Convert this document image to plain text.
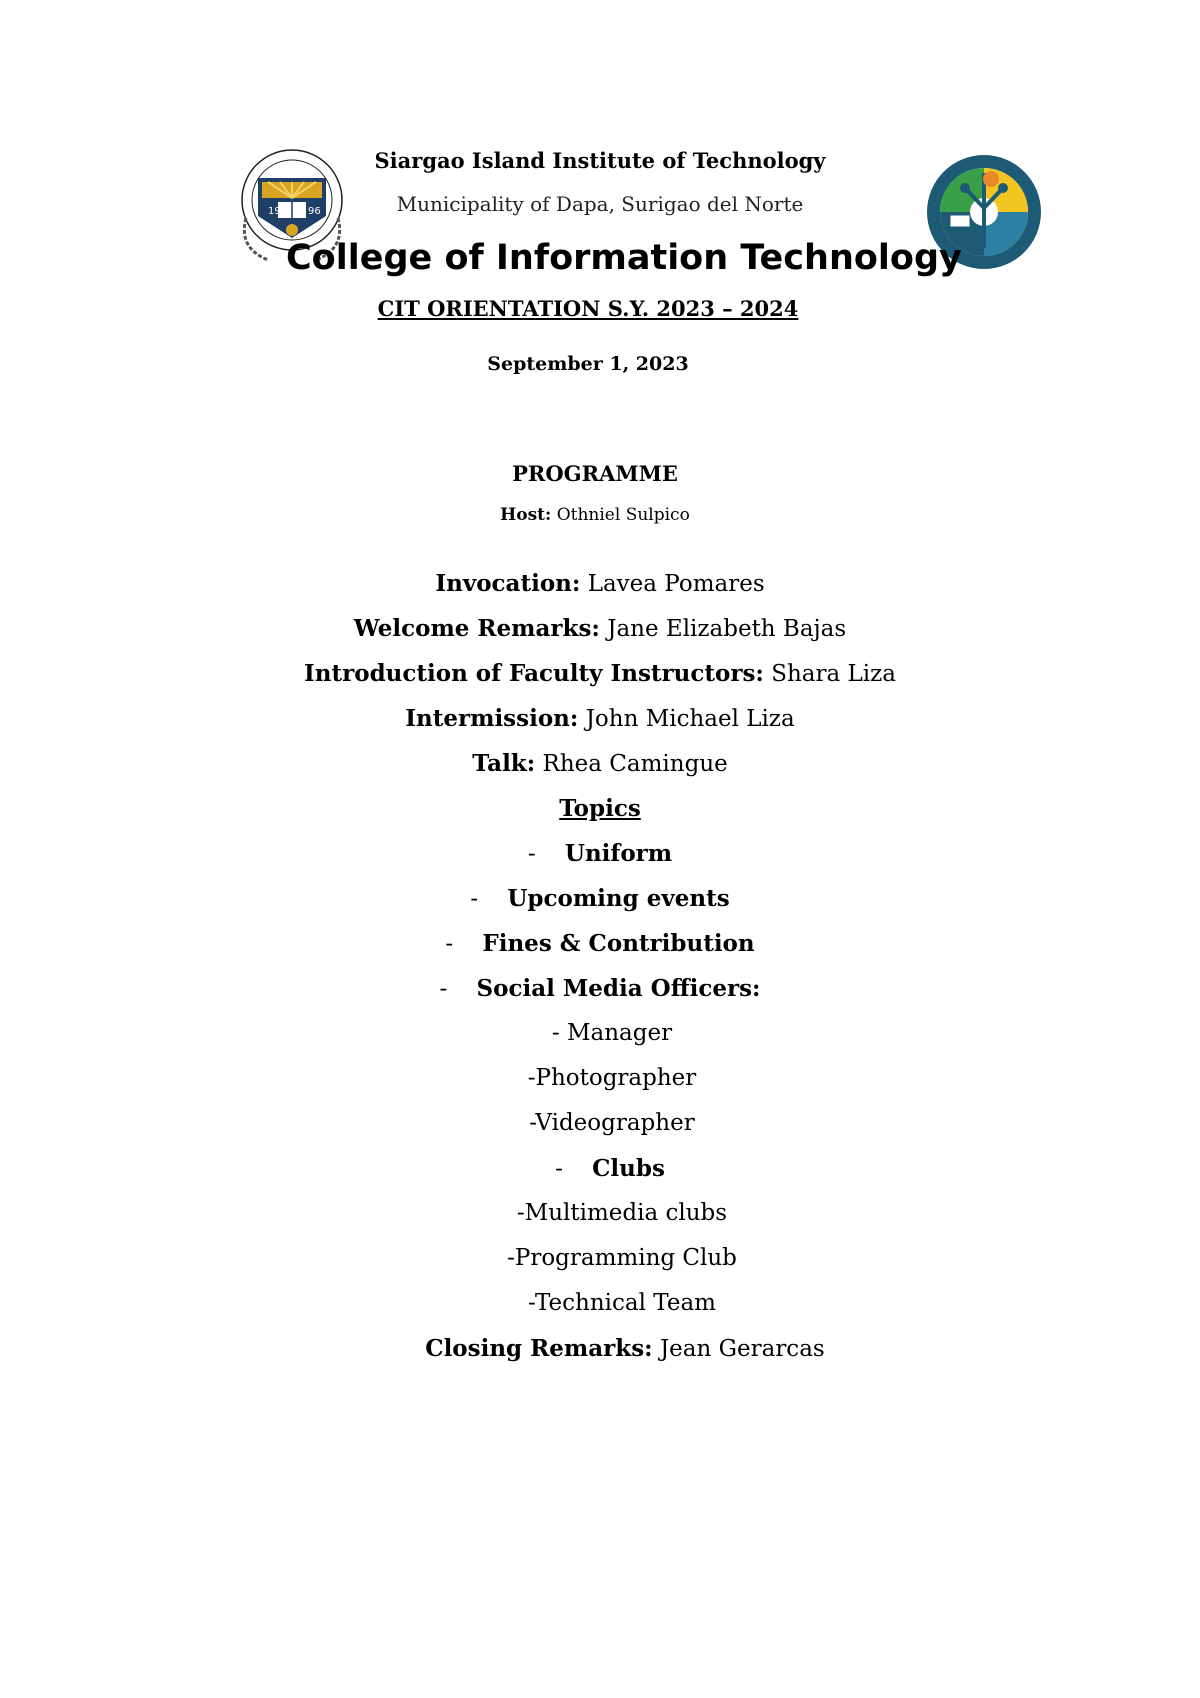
19	96
Siargao Island Institute of Technology
Municipality of Dapa, Surigao del Norte
College of Information Technology
CIT ORIENTATION S.Y. 2023 – 2024
September 1, 2023
PROGRAMME
Host: Othniel Sulpico
Invocation: Lavea Pomares
Welcome Remarks: Jane Elizabeth Bajas
Introduction of Faculty Instructors: Shara Liza
Intermission: John Michael Liza
Talk: Rhea Camingue
Topics
- Uniform
- Upcoming events
- Fines & Contribution
- Social Media Officers:
- Manager
-Photographer
-Videographer
- Clubs
-Multimedia clubs
-Programming Club
-Technical Team
Closing Remarks: Jean Gerarcas
